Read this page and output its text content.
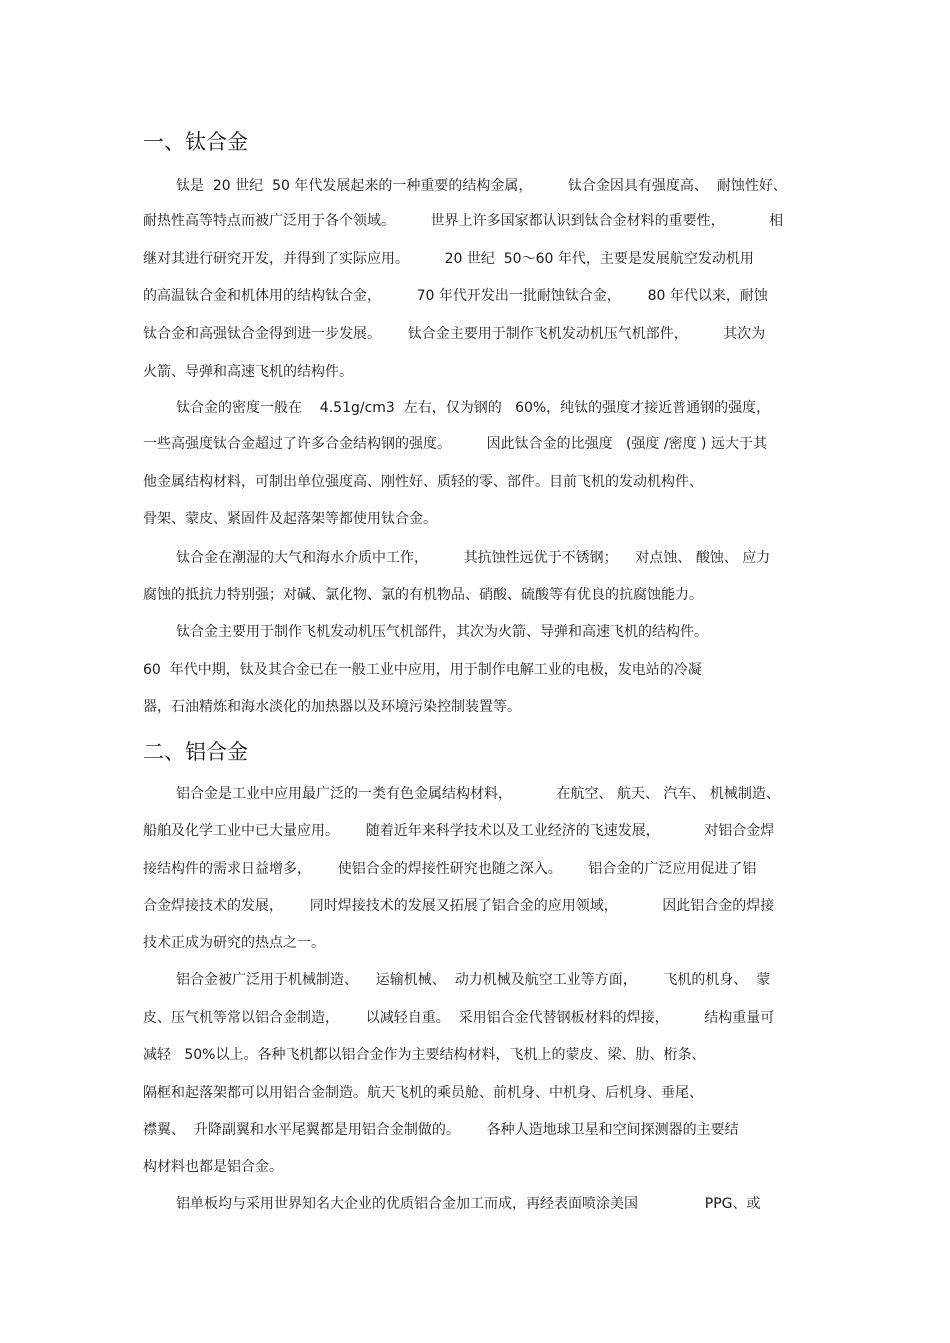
一、钛合金

钛是  20 世纪  50 年代发展起来的一种重要的结构金属，        钛合金因具有强度高、  耐蚀性好、

耐热性高等特点而被广泛用于各个领域。        世界上许多国家都认识到钛合金材料的重要性，          相

继对其进行研究开发，并得到了实际应用。        20 世纪  50～60 年代，主要是发展航空发动机用

的高温钛合金和机体用的结构钛合金，        70 年代开发出一批耐蚀钛合金，      80 年代以来，耐蚀

钛合金和高强钛合金得到进一步发展。      钛合金主要用于制作飞机发动机压气机部件，        其次为

火箭、导弹和高速飞机的结构件。

钛合金的密度一般在    4.51g/cm3  左右，仅为钢的   60%，纯钛的强度才接近普通钢的强度，

一些高强度钛合金超过了许多合金结构钢的强度。        因此钛合金的比强度   (强度 /密度 ) 远大于其

他金属结构材料，可制出单位强度高、刚性好、质轻的零、部件。目前飞机的发动机构件、

骨架、蒙皮、紧固件及起落架等都使用钛合金。

钛合金在潮湿的大气和海水介质中工作，        其抗蚀性远优于不锈钢；    对点蚀、 酸蚀、 应力

腐蚀的抵抗力特别强；对碱、氯化物、氯的有机物品、硝酸、硫酸等有优良的抗腐蚀能力。

钛合金主要用于制作飞机发动机压气机部件，其次为火箭、导弹和高速飞机的结构件。

60  年代中期，钛及其合金已在一般工业中应用，用于制作电解工业的电极，发电站的冷凝

器，石油精炼和海水淡化的加热器以及环境污染控制装置等。

二、铝合金

铝合金是工业中应用最广泛的一类有色金属结构材料，          在航空、 航天、 汽车、 机械制造、

船舶及化学工业中已大量应用。      随着近年来科学技术以及工业经济的飞速发展，          对铝合金焊

接结构件的需求日益增多，      使铝合金的焊接性研究也随之深入。      铝合金的广泛应用促进了铝

合金焊接技术的发展，      同时焊接技术的发展又拓展了铝合金的应用领域，          因此铝合金的焊接

技术正成为研究的热点之一。

铝合金被广泛用于机械制造、    运输机械、  动力机械及航空工业等方面，      飞机的机身、  蒙

皮、压气机等常以铝合金制造，      以减轻自重。  采用铝合金代替钢板材料的焊接，        结构重量可

减轻   50%以上。各种飞机都以铝合金作为主要结构材料，飞机上的蒙皮、梁、肋、桁条、

隔框和起落架都可以用铝合金制造。航天飞机的乘员舱、前机身、中机身、后机身、垂尾、

襟翼、  升降副翼和水平尾翼都是用铝合金制做的。      各种人造地球卫星和空间探测器的主要结

构材料也都是铝合金。

铝单板均与采用世界知名大企业的优质铝合金加工而成，再经表面喷涂美国               PPG、或
